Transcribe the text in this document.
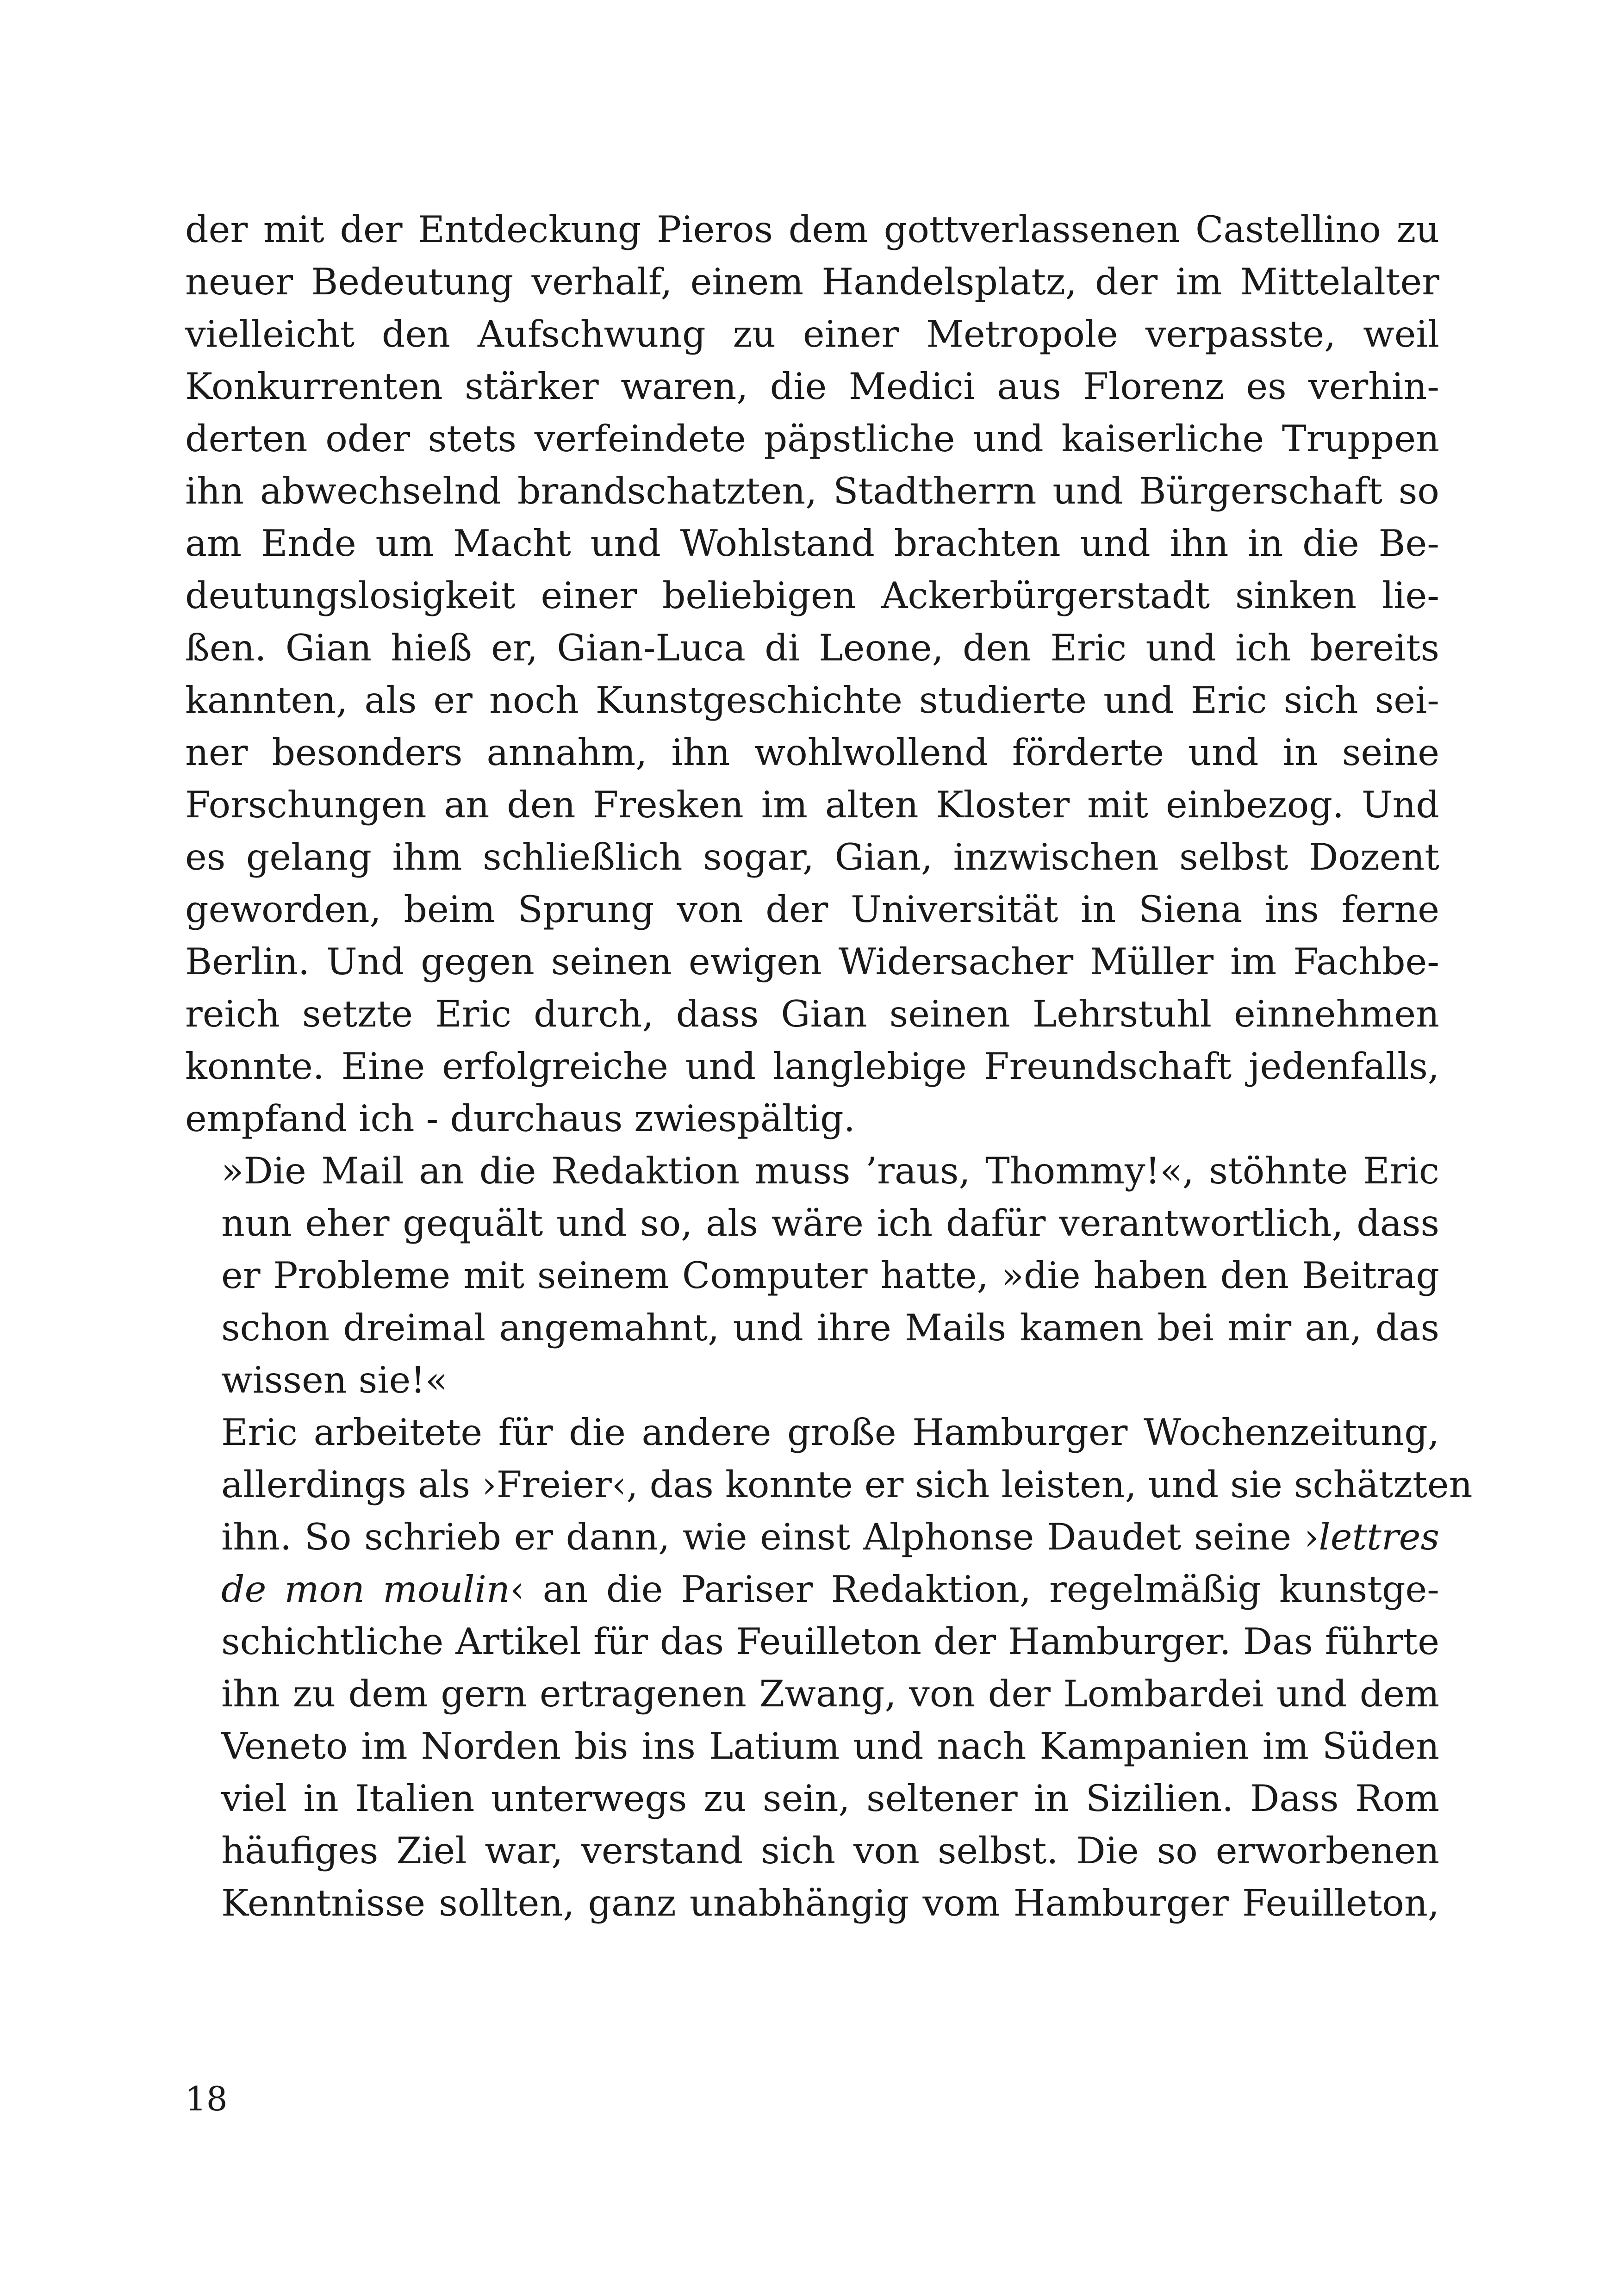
der mit der Entdeckung Pieros dem gottverlassenen Castellino zu
neuer Bedeutung verhalf, einem Handelsplatz, der im Mittelalter
vielleicht den Aufschwung zu einer Metropole verpasste, weil
Konkurrenten stärker waren, die Medici aus Florenz es verhin-
derten oder stets verfeindete päpstliche und kaiserliche Truppen
ihn abwechselnd brandschatzten, Stadtherrn und Bürgerschaft so
am Ende um Macht und Wohlstand brachten und ihn in die Be-
deutungslosigkeit einer beliebigen Ackerbürgerstadt sinken lie-
ßen. Gian hieß er, Gian-Luca di Leone, den Eric und ich bereits
kannten, als er noch Kunstgeschichte studierte und Eric sich sei-
ner besonders annahm, ihn wohlwollend förderte und in seine
Forschungen an den Fresken im alten Kloster mit einbezog. Und
es gelang ihm schließlich sogar, Gian, inzwischen selbst Dozent
geworden, beim Sprung von der Universität in Siena ins ferne
Berlin. Und gegen seinen ewigen Widersacher Müller im Fachbe-
reich setzte Eric durch, dass Gian seinen Lehrstuhl einnehmen
konnte. Eine erfolgreiche und langlebige Freundschaft jedenfalls,
empfand ich - durchaus zwiespältig.

»Die Mail an die Redaktion muss ’raus, Thommy!«, stöhnte Eric
nun eher gequält und so, als wäre ich dafür verantwortlich, dass
er Probleme mit seinem Computer hatte, »die haben den Beitrag
schon dreimal angemahnt, und ihre Mails kamen bei mir an, das
wissen sie!«

Eric arbeitete für die andere große Hamburger Wochenzeitung,
allerdings als ›Freier‹, das konnte er sich leisten, und sie schätzten
ihn. So schrieb er dann, wie einst Alphonse Daudet seine ›lettres
de mon moulin‹ an die Pariser Redaktion, regelmäßig kunstge-
schichtliche Artikel für das Feuilleton der Hamburger. Das führte
ihn zu dem gern ertragenen Zwang, von der Lombardei und dem
Veneto im Norden bis ins Latium und nach Kampanien im Süden
viel in Italien unterwegs zu sein, seltener in Sizilien. Dass Rom
häufiges Ziel war, verstand sich von selbst. Die so erworbenen
Kenntnisse sollten, ganz unabhängig vom Hamburger Feuilleton,

18
